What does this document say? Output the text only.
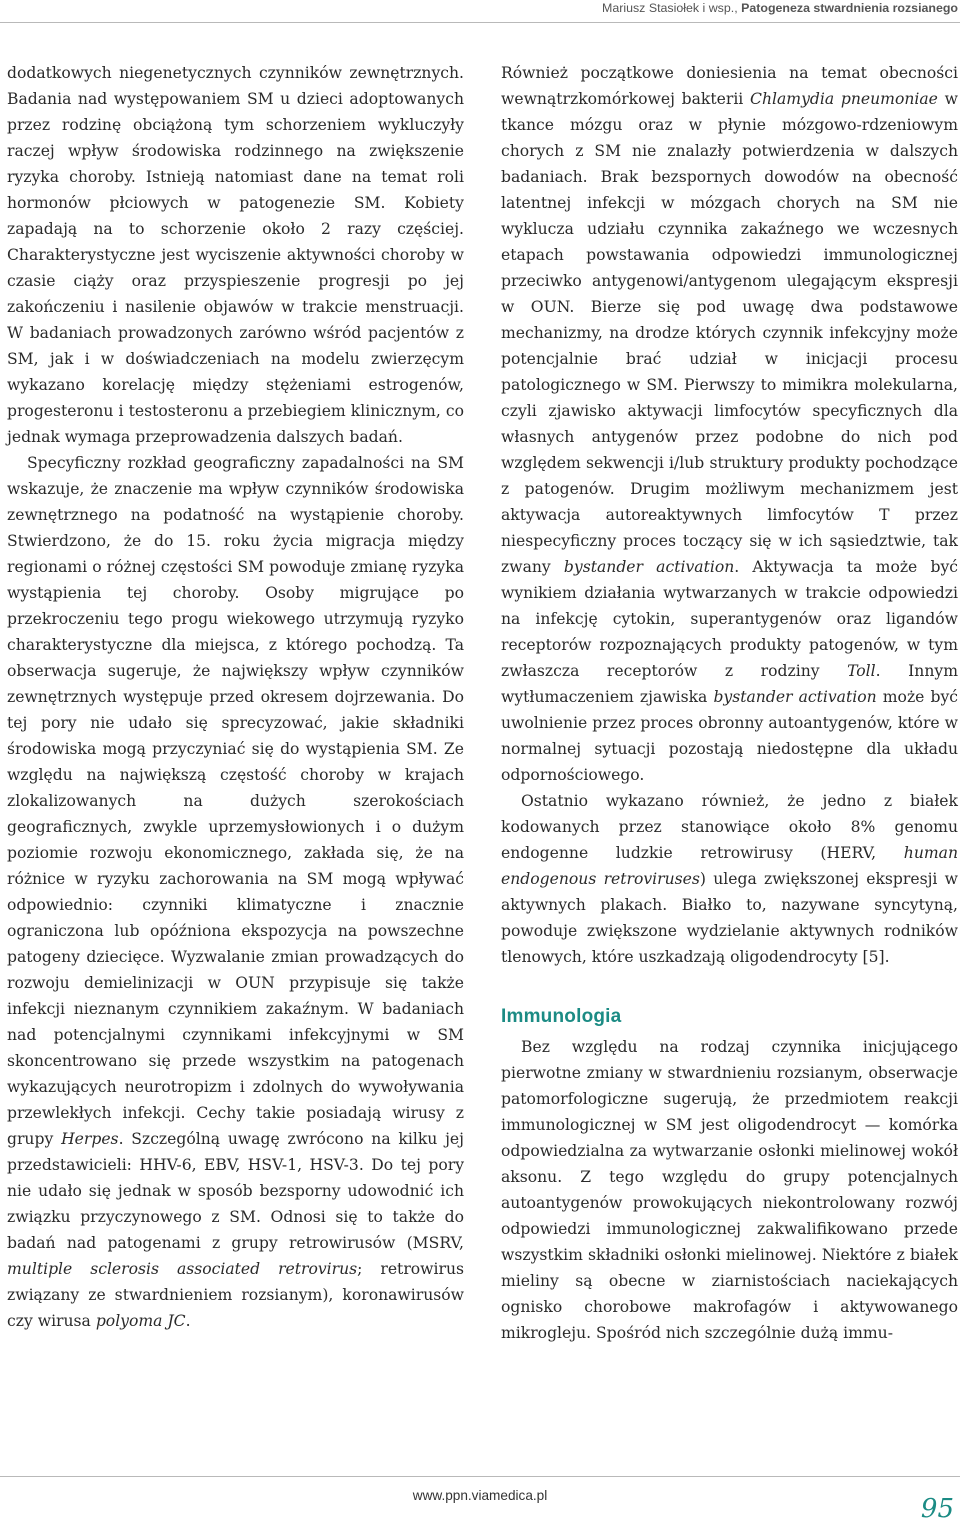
Mariusz Stasiołek i wsp., Patogeneza stwardnienia rozsianego

dodatkowych niegenetycznych czynników zewnętrznych. Badania nad występowaniem SM u dzieci adoptowanych przez rodzinę obciążoną tym schorzeniem wykluczyły raczej wpływ środowiska rodzinnego na zwiększenie ryzyka choroby. Istnieją natomiast dane na temat roli hormonów płciowych w patogenezie SM. Kobiety zapadają na to schorzenie około 2 razy częściej. Charakterystyczne jest wyciszenie aktywności choroby w czasie ciąży oraz przyspieszenie progresji po jej zakończeniu i nasilenie objawów w trakcie menstruacji. W badaniach prowadzonych zarówno wśród pacjentów z SM, jak i w doświadczeniach na modelu zwierzęcym wykazano korelację między stężeniami estrogenów, progesteronu i testosteronu a przebiegiem klinicznym, co jednak wymaga przeprowadzenia dalszych badań.

Specyficzny rozkład geograficzny zapadalności na SM wskazuje, że znaczenie ma wpływ czynników środowiska zewnętrznego na podatność na wystąpienie choroby. Stwierdzono, że do 15. roku życia migracja między regionami o różnej częstości SM powoduje zmianę ryzyka wystąpienia tej choroby. Osoby migrujące po przekroczeniu tego progu wiekowego utrzymują ryzyko charakterystyczne dla miejsca, z którego pochodzą. Ta obserwacja sugeruje, że największy wpływ czynników zewnętrznych występuje przed okresem dojrzewania. Do tej pory nie udało się sprecyzować, jakie składniki środowiska mogą przyczyniać się do wystąpienia SM. Ze względu na największą częstość choroby w krajach zlokalizowanych na dużych szerokościach geograficznych, zwykle uprzemysłowionych i o dużym poziomie rozwoju ekonomicznego, zakłada się, że na różnice w ryzyku zachorowania na SM mogą wpływać odpowiednio: czynniki klimatyczne i znacznie ograniczona lub opóźniona ekspozycja na powszechne patogeny dziecięce. Wyzwalanie zmian prowadzących do rozwoju demielinizacji w OUN przypisuje się także infekcji nieznanym czynnikiem zakaźnym. W badaniach nad potencjalnymi czynnikami infekcyjnymi w SM skoncentrowano się przede wszystkim na patogenach wykazujących neurotropizm i zdolnych do wywoływania przewlekłych infekcji. Cechy takie posiadają wirusy z grupy Herpes. Szczególną uwagę zwrócono na kilku jej przedstawicieli: HHV-6, EBV, HSV-1, HSV-3. Do tej pory nie udało się jednak w sposób bezsporny udowodnić ich związku przyczynowego z SM. Odnosi się to także do badań nad patogenami z grupy retrowirusów (MSRV, multiple sclerosis associated retrovirus; retrowirus związany ze stwardnieniem rozsianym), koronawirusów czy wirusa polyoma JC.

Również początkowe doniesienia na temat obecności wewnątrzkomórkowej bakterii Chlamydia pneumoniae w tkance mózgu oraz w płynie mózgowo-rdzeniowym chorych z SM nie znalazły potwierdzenia w dalszych badaniach. Brak bezspornych dowodów na obecność latentnej infekcji w mózgach chorych na SM nie wyklucza udziału czynnika zakaźnego we wczesnych etapach powstawania odpowiedzi immunologicznej przeciwko antygenowi/antygenom ulegającym ekspresji w OUN. Bierze się pod uwagę dwa podstawowe mechanizmy, na drodze których czynnik infekcyjny może potencjalnie brać udział w inicjacji procesu patologicznego w SM. Pierwszy to mimikra molekularna, czyli zjawisko aktywacji limfocytów specyficznych dla własnych antygenów przez podobne do nich pod względem sekwencji i/lub struktury produkty pochodzące z patogenów. Drugim możliwym mechanizmem jest aktywacja autoreaktywnych limfocytów T przez niespecyficzny proces toczący się w ich sąsiedztwie, tak zwany bystander activation. Aktywacja ta może być wynikiem działania wytwarzanych w trakcie odpowiedzi na infekcję cytokin, superantygenów oraz ligandów receptorów rozpoznających produkty patogenów, w tym zwłaszcza receptorów z rodziny Toll. Innym wytłumaczeniem zjawiska bystander activation może być uwolnienie przez proces obronny autoantygenów, które w normalnej sytuacji pozostają niedostępne dla układu odpornościowego.

Ostatnio wykazano również, że jedno z białek kodowanych przez stanowiące około 8% genomu endogenne ludzkie retrowirusy (HERV, human endogenous retroviruses) ulega zwiększonej ekspresji w aktywnych plakach. Białko to, nazywane syncytyną, powoduje zwiększone wydzielanie aktywnych rodników tlenowych, które uszkadzają oligodendrocyty [5].

Immunologia

Bez względu na rodzaj czynnika inicjującego pierwotne zmiany w stwardnieniu rozsianym, obserwacje patomorfologiczne sugerują, że przedmiotem reakcji immunologicznej w SM jest oligodendrocyt — komórka odpowiedzialna za wytwarzanie osłonki mielinowej wokół aksonu. Z tego względu do grupy potencjalnych autoantygenów prowokujących niekontrolowany rozwój odpowiedzi immunologicznej zakwalifikowano przede wszystkim składniki osłonki mielinowej. Niektóre z białek mieliny są obecne w ziarnistościach naciekających ognisko chorobowe makrofagów i aktywowanego mikrogleju. Spośród nich szczególnie dużą immu-

www.ppn.viamedica.pl	95
